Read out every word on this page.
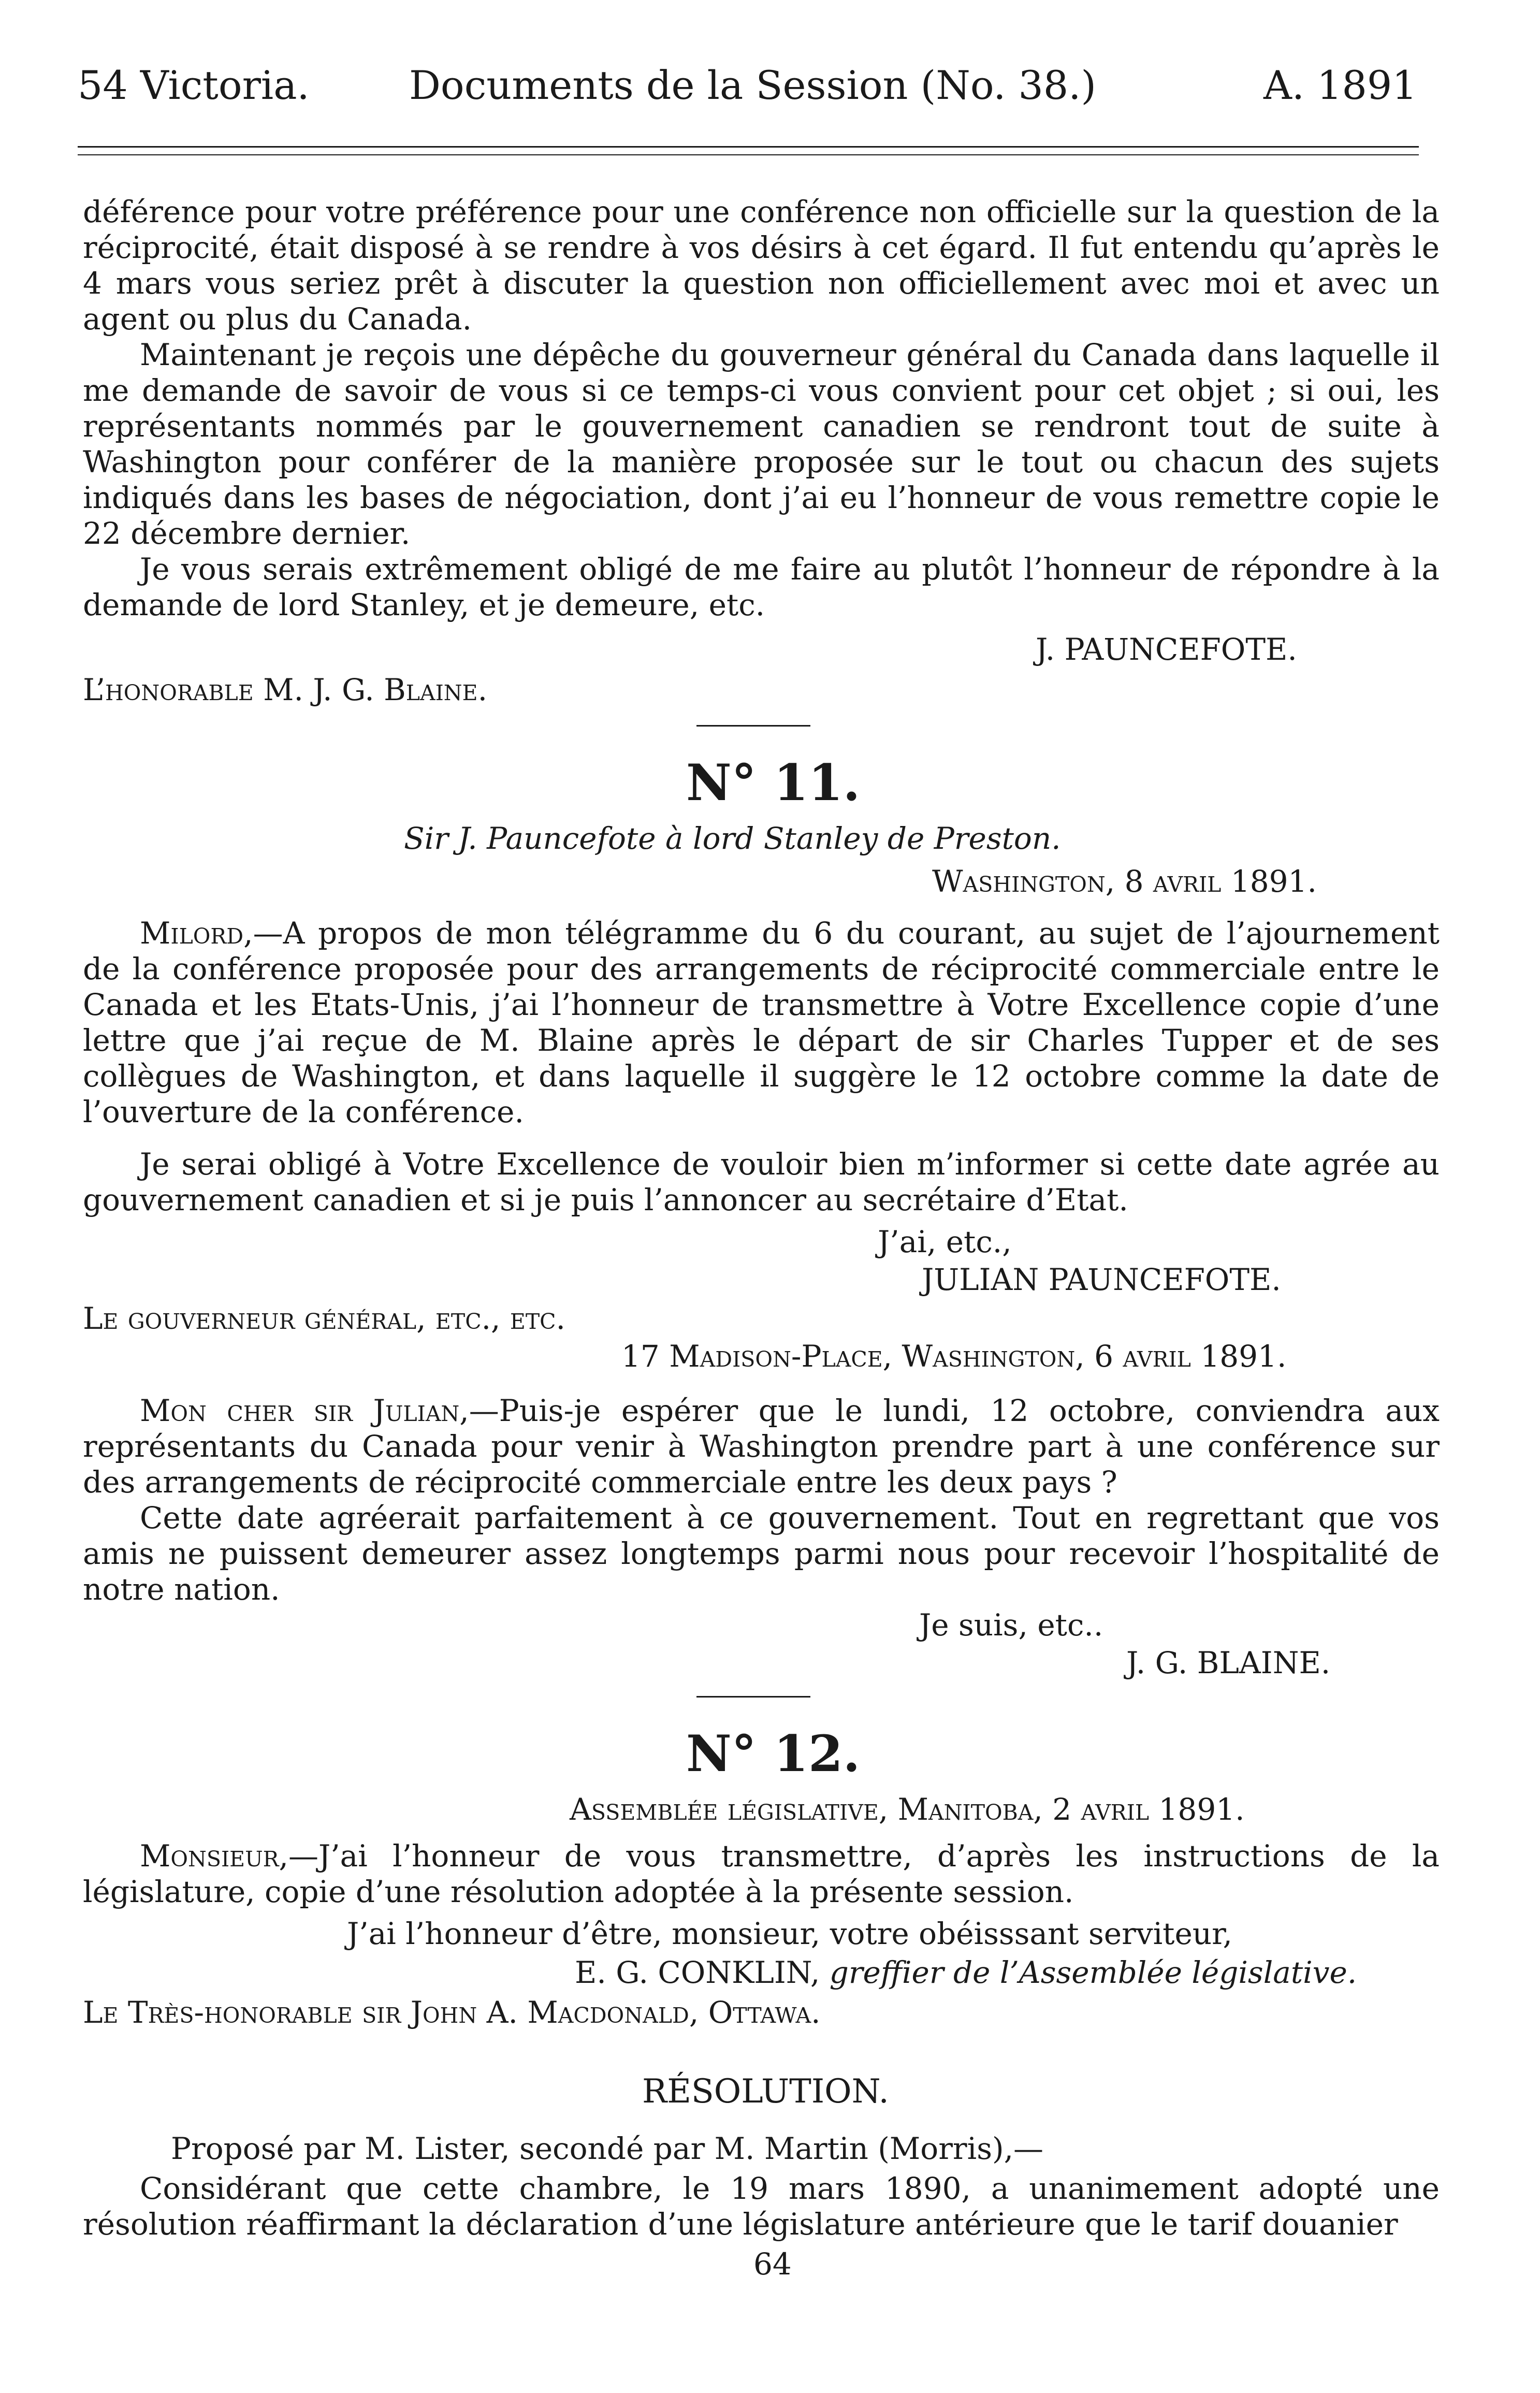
54 Victoria.	Documents de la Session (No. 38.)	A. 1891
déférence pour votre préférence pour une conférence non officielle sur la question de la réciprocité, était disposé à se rendre à vos désirs à cet égard. Il fut entendu qu’après le 4 mars vous seriez prêt à discuter la question non officiellement avec moi et avec un agent ou plus du Canada.
Maintenant je reçois une dépêche du gouverneur général du Canada dans laquelle il me demande de savoir de vous si ce temps-ci vous convient pour cet objet ; si oui, les représentants nommés par le gouvernement canadien se rendront tout de suite à Washington pour conférer de la manière proposée sur le tout ou chacun des sujets indiqués dans les bases de négociation, dont j’ai eu l’honneur de vous remettre copie le 22 décembre dernier.
Je vous serais extrêmement obligé de me faire au plutôt l’honneur de répondre à la demande de lord Stanley, et je demeure, etc.
J. PAUNCEFOTE.
L’honorable M. J. G. Blaine.
N° 11.
Sir J. Pauncefote à lord Stanley de Preston.
Washington, 8 avril 1891.
Milord,—A propos de mon télégramme du 6 du courant, au sujet de l’ajournement de la conférence proposée pour des arrangements de réciprocité commerciale entre le Canada et les Etats-Unis, j’ai l’honneur de transmettre à Votre Excellence copie d’une lettre que j’ai reçue de M. Blaine après le départ de sir Charles Tupper et de ses collègues de Washington, et dans laquelle il suggère le 12 octobre comme la date de l’ouverture de la conférence.
Je serai obligé à Votre Excellence de vouloir bien m’informer si cette date agrée au gouvernement canadien et si je puis l’annoncer au secrétaire d’Etat.
J’ai, etc.,
JULIAN PAUNCEFOTE.
Le gouverneur général, etc., etc.
17 Madison-Place, Washington, 6 avril 1891.
Mon cher sir Julian,—Puis-je espérer que le lundi, 12 octobre, conviendra aux représentants du Canada pour venir à Washington prendre part à une conférence sur des arrangements de réciprocité commerciale entre les deux pays ?
Cette date agréerait parfaitement à ce gouvernement. Tout en regrettant que vos amis ne puissent demeurer assez longtemps parmi nous pour recevoir l’hospitalité de notre nation.
Je suis, etc..
J. G. BLAINE.
N° 12.
Assemblée législative, Manitoba, 2 avril 1891.
Monsieur,—J’ai l’honneur de vous transmettre, d’après les instructions de la législature, copie d’une résolution adoptée à la présente session.
J’ai l’honneur d’être, monsieur, votre obéisssant serviteur,
E. G. CONKLIN, greffier de l’Assemblée législative.
Le Très-honorable sir John A. Macdonald, Ottawa.
RÉSOLUTION.
Proposé par M. Lister, secondé par M. Martin (Morris),—
Considérant que cette chambre, le 19 mars 1890, a unanimement adopté une résolution réaffirmant la déclaration d’une législature antérieure que le tarif douanier
64
